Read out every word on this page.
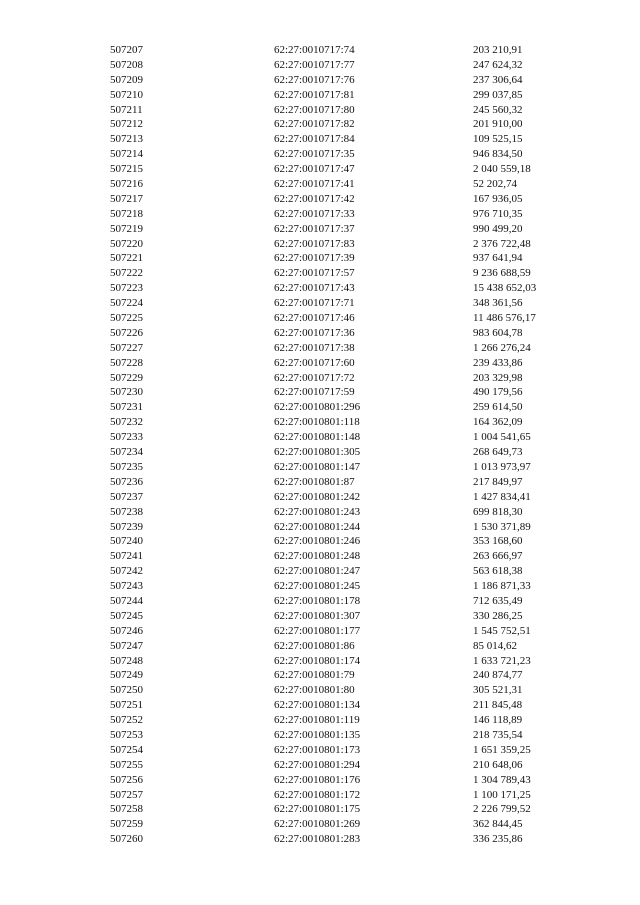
507207	62:27:0010717:74	203 210,91
507208	62:27:0010717:77	247 624,32
507209	62:27:0010717:76	237 306,64
507210	62:27:0010717:81	299 037,85
507211	62:27:0010717:80	245 560,32
507212	62:27:0010717:82	201 910,00
507213	62:27:0010717:84	109 525,15
507214	62:27:0010717:35	946 834,50
507215	62:27:0010717:47	2 040 559,18
507216	62:27:0010717:41	52 202,74
507217	62:27:0010717:42	167 936,05
507218	62:27:0010717:33	976 710,35
507219	62:27:0010717:37	990 499,20
507220	62:27:0010717:83	2 376 722,48
507221	62:27:0010717:39	937 641,94
507222	62:27:0010717:57	9 236 688,59
507223	62:27:0010717:43	15 438 652,03
507224	62:27:0010717:71	348 361,56
507225	62:27:0010717:46	11 486 576,17
507226	62:27:0010717:36	983 604,78
507227	62:27:0010717:38	1 266 276,24
507228	62:27:0010717:60	239 433,86
507229	62:27:0010717:72	203 329,98
507230	62:27:0010717:59	490 179,56
507231	62:27:0010801:296	259 614,50
507232	62:27:0010801:118	164 362,09
507233	62:27:0010801:148	1 004 541,65
507234	62:27:0010801:305	268 649,73
507235	62:27:0010801:147	1 013 973,97
507236	62:27:0010801:87	217 849,97
507237	62:27:0010801:242	1 427 834,41
507238	62:27:0010801:243	699 818,30
507239	62:27:0010801:244	1 530 371,89
507240	62:27:0010801:246	353 168,60
507241	62:27:0010801:248	263 666,97
507242	62:27:0010801:247	563 618,38
507243	62:27:0010801:245	1 186 871,33
507244	62:27:0010801:178	712 635,49
507245	62:27:0010801:307	330 286,25
507246	62:27:0010801:177	1 545 752,51
507247	62:27:0010801:86	85 014,62
507248	62:27:0010801:174	1 633 721,23
507249	62:27:0010801:79	240 874,77
507250	62:27:0010801:80	305 521,31
507251	62:27:0010801:134	211 845,48
507252	62:27:0010801:119	146 118,89
507253	62:27:0010801:135	218 735,54
507254	62:27:0010801:173	1 651 359,25
507255	62:27:0010801:294	210 648,06
507256	62:27:0010801:176	1 304 789,43
507257	62:27:0010801:172	1 100 171,25
507258	62:27:0010801:175	2 226 799,52
507259	62:27:0010801:269	362 844,45
507260	62:27:0010801:283	336 235,86
